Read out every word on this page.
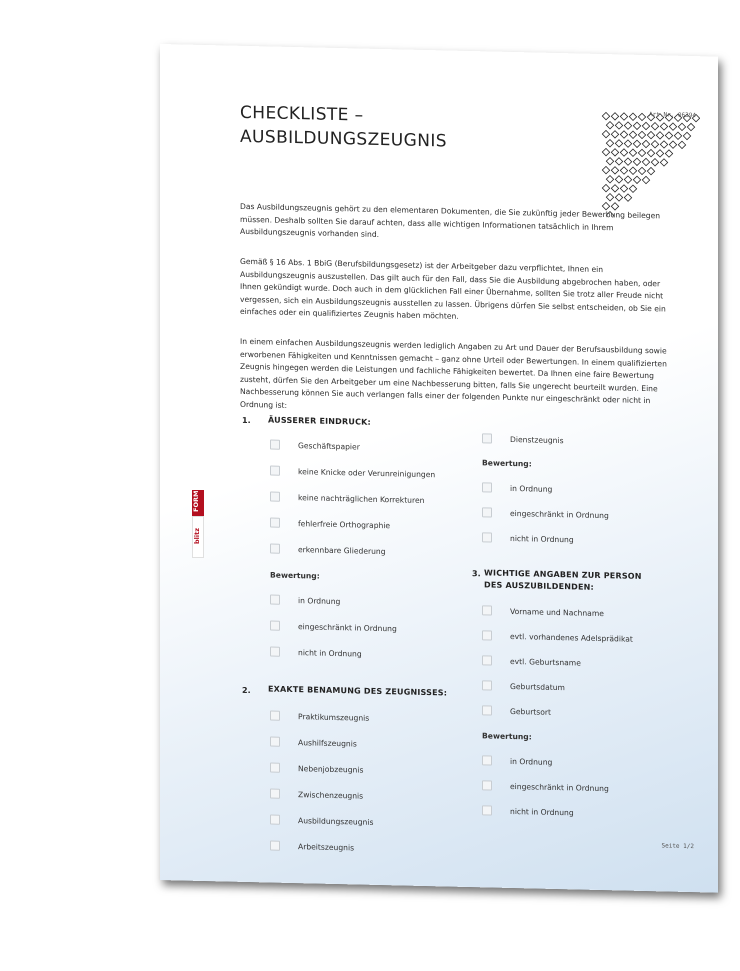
CHECKLISTE –
AUSBILDUNGSZEUGNIS
Art.Nr. 06394

Das Ausbildungszeugnis gehört zu den elementaren Dokumenten, die Sie zukünftig jeder Bewerbung beilegen müssen. Deshalb sollten Sie darauf achten, dass alle wichtigen Informationen tatsächlich in Ihrem Ausbildungszeugnis vorhanden sind.

Gemäß § 16 Abs. 1 BbiG (Berufsbildungsgesetz) ist der Arbeitgeber dazu verpflichtet, Ihnen ein Ausbildungszeugnis auszustellen. Das gilt auch für den Fall, dass Sie die Ausbildung abgebrochen haben, oder Ihnen gekündigt wurde. Doch auch in dem glücklichen Fall einer Übernahme, sollten Sie trotz aller Freude nicht vergessen, sich ein Ausbildungszeugnis ausstellen zu lassen. Übrigens dürfen Sie selbst entscheiden, ob Sie ein einfaches oder ein qualifiziertes Zeugnis haben möchten.

In einem einfachen Ausbildungszeugnis werden lediglich Angaben zu Art und Dauer der Berufsausbildung sowie erworbenen Fähigkeiten und Kenntnissen gemacht – ganz ohne Urteil oder Bewertungen. In einem qualifizierten Zeugnis hingegen werden die Leistungen und fachliche Fähigkeiten bewertet. Da Ihnen eine faire Bewertung zusteht, dürfen Sie den Arbeitgeber um eine Nachbesserung bitten, falls Sie ungerecht beurteilt wurden. Eine Nachbesserung können Sie auch verlangen falls einer der folgenden Punkte nur eingeschränkt oder nicht in Ordnung ist:

1. ÄUSSERER EINDRUCK:
Geschäftspapier
keine Knicke oder Verunreinigungen
keine nachträglichen Korrekturen
fehlerfreie Orthographie
erkennbare Gliederung
Bewertung:
in Ordnung
eingeschränkt in Ordnung
nicht in Ordnung
2. EXAKTE BENAMUNG DES ZEUGNISSES:
Praktikumszeugnis
Aushilfszeugnis
Nebenjobzeugnis
Zwischenzeugnis
Ausbildungszeugnis
Arbeitszeugnis
Dienstzeugnis
Bewertung:
in Ordnung
eingeschränkt in Ordnung
nicht in Ordnung
3. WICHTIGE ANGABEN ZUR PERSON
DES AUSZUBILDENDEN:
Vorname und Nachname
evtl. vorhandenes Adelsprädikat
evtl. Geburtsname
Geburtsdatum
Geburtsort
Bewertung:
in Ordnung
eingeschränkt in Ordnung
nicht in Ordnung
Seite 1/2
FORM
blitz
